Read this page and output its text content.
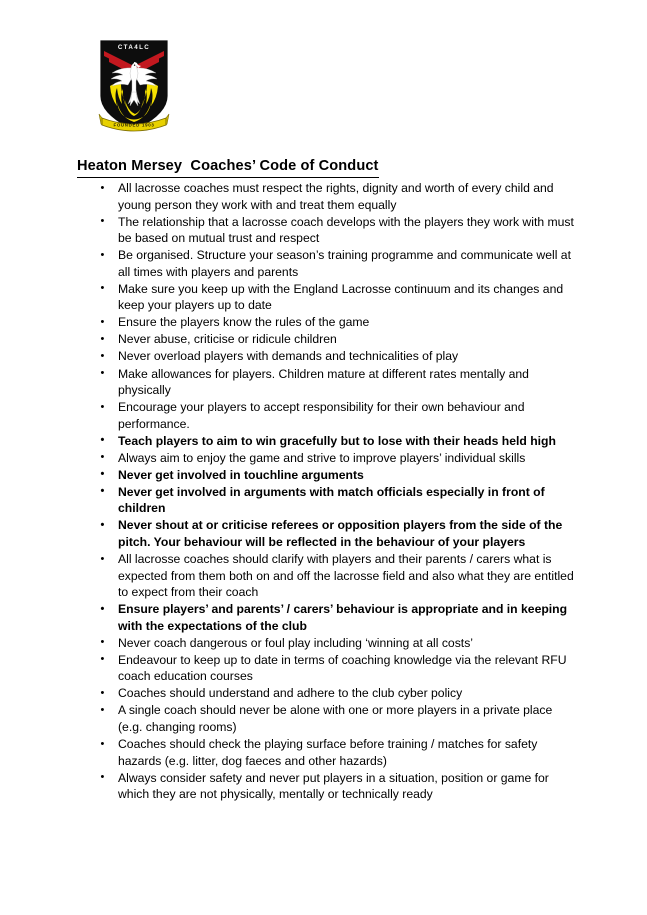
CTA4LC
FOUNDED 1903
Heaton Mersey  Coaches’ Code of Conduct
• All lacrosse coaches must respect the rights, dignity and worth of every child and young person they work with and treat them equally
• The relationship that a lacrosse coach develops with the players they work with must be based on mutual trust and respect
• Be organised. Structure your season’s training programme and communicate well at all times with players and parents
• Make sure you keep up with the England Lacrosse continuum and its changes and keep your players up to date
• Ensure the players know the rules of the game
• Never abuse, criticise or ridicule children
• Never overload players with demands and technicalities of play
• Make allowances for players. Children mature at different rates mentally and physically
• Encourage your players to accept responsibility for their own behaviour and performance.
• Teach players to aim to win gracefully but to lose with their heads held high
• Always aim to enjoy the game and strive to improve players’ individual skills
• Never get involved in touchline arguments
• Never get involved in arguments with match officials especially in front of children
• Never shout at or criticise referees or opposition players from the side of the pitch. Your behaviour will be reflected in the behaviour of your players
• All lacrosse coaches should clarify with players and their parents / carers what is expected from them both on and off the lacrosse field and also what they are entitled to expect from their coach
• Ensure players’ and parents’ / carers’ behaviour is appropriate and in keeping with the expectations of the club
• Never coach dangerous or foul play including ‘winning at all costs’
• Endeavour to keep up to date in terms of coaching knowledge via the relevant RFU coach education courses
• Coaches should understand and adhere to the club cyber policy
• A single coach should never be alone with one or more players in a private place (e.g. changing rooms)
• Coaches should check the playing surface before training / matches for safety hazards (e.g. litter, dog faeces and other hazards)
• Always consider safety and never put players in a situation, position or game for which they are not physically, mentally or technically ready
